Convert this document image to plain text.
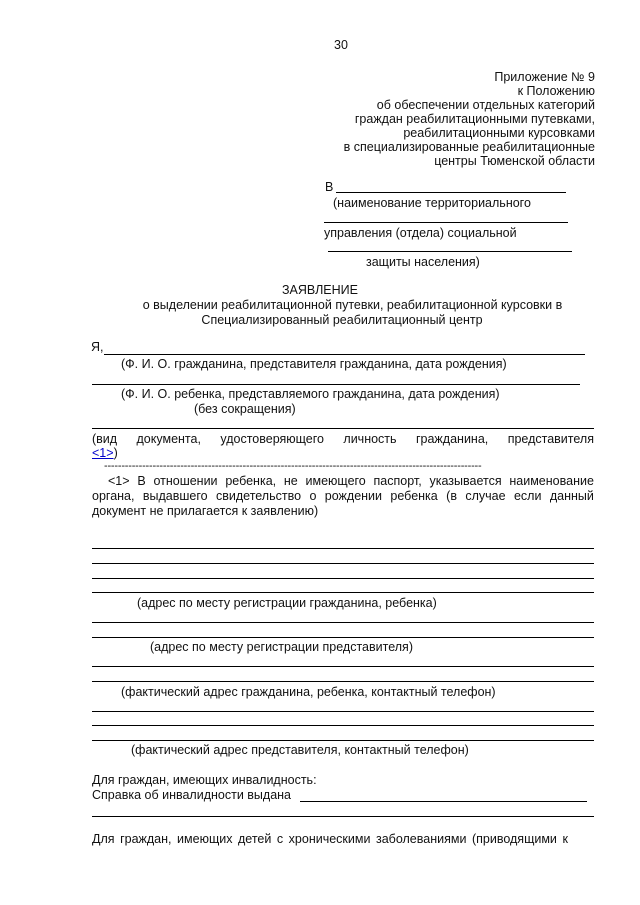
30
Приложение № 9
к Положению
об обеспечении отдельных категорий
граждан реабилитационными путевками,
реабилитационными курсовками
в специализированные реабилитационные
центры Тюменской области
В
(наименование территориального
управления (отдела) социальной
защиты населения)
ЗАЯВЛЕНИЕ
о выделении реабилитационной путевки, реабилитационной курсовки в
Специализированный реабилитационный центр
Я,
(Ф. И. О. гражданина, представителя гражданина, дата рождения)
(Ф. И. О. ребенка, представляемого гражданина, дата рождения)
(без сокращения)
(вид документа, удостоверяющего личность гражданина, представителя
<1>)
-------------------------------------------------------------------------------------------------------------
<1> В отношении ребенка, не имеющего паспорт, указывается наименование
органа, выдавшего свидетельство о рождении ребенка (в случае если данный
документ не прилагается к заявлению)
(адрес по месту регистрации гражданина, ребенка)
(адрес по месту регистрации представителя)
(фактический адрес гражданина, ребенка, контактный телефон)
(фактический адрес представителя, контактный телефон)
Для граждан, имеющих инвалидность:
Справка об инвалидности выдана
Для граждан, имеющих детей с хроническими заболеваниями (приводящими к
